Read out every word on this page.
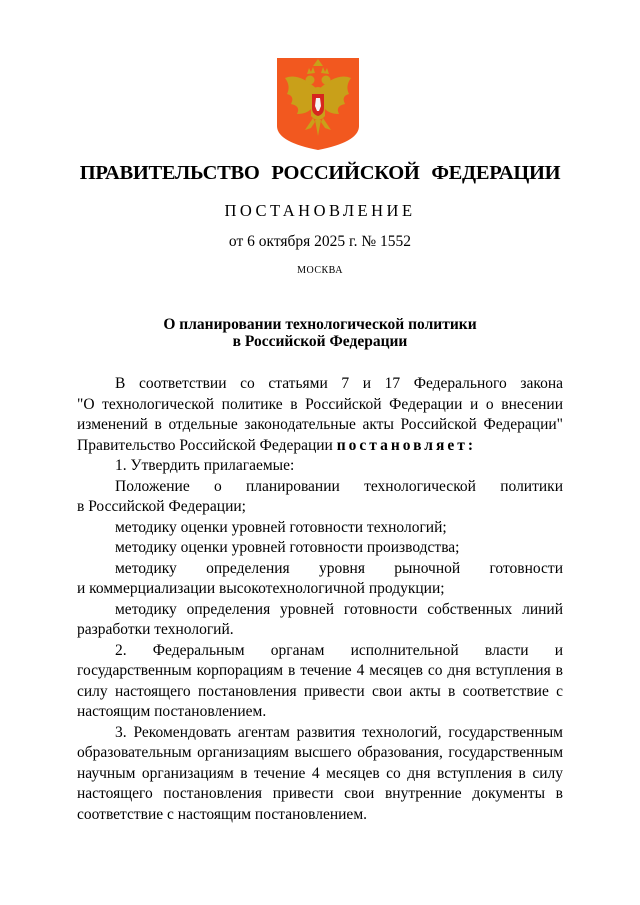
ПРАВИТЕЛЬСТВО РОССИЙСКОЙ ФЕДЕРАЦИИ
ПОСТАНОВЛЕНИЕ
от 6 октября 2025 г. № 1552
МОСКВА
О планировании технологической политики
в Российской Федерации

В соответствии со статьями 7 и 17 Федерального закона

"О технологической политике в Российской Федерации и о внесении

изменений в отдельные законодательные акты Российской Федерации"

Правительство Российской Федерации постановляет:

1. Утвердить прилагаемые:

Положение о планировании технологической политики

в Российской Федерации;

методику оценки уровней готовности технологий;

методику оценки уровней готовности производства;

методику определения уровня рыночной готовности

и коммерциализации высокотехнологичной продукции;

методику определения уровней готовности собственных линий

разработки технологий.

2. Федеральным органам исполнительной власти и государственным корпорациям в течение 4 месяцев со дня вступления в силу настоящего постановления привести свои акты в соответствие с настоящим постановлением.

3. Рекомендовать агентам развития технологий, государственным образовательным организациям высшего образования, государственным научным организациям в течение 4 месяцев со дня вступления в силу настоящего постановления привести свои внутренние документы в соответствие с настоящим постановлением.
